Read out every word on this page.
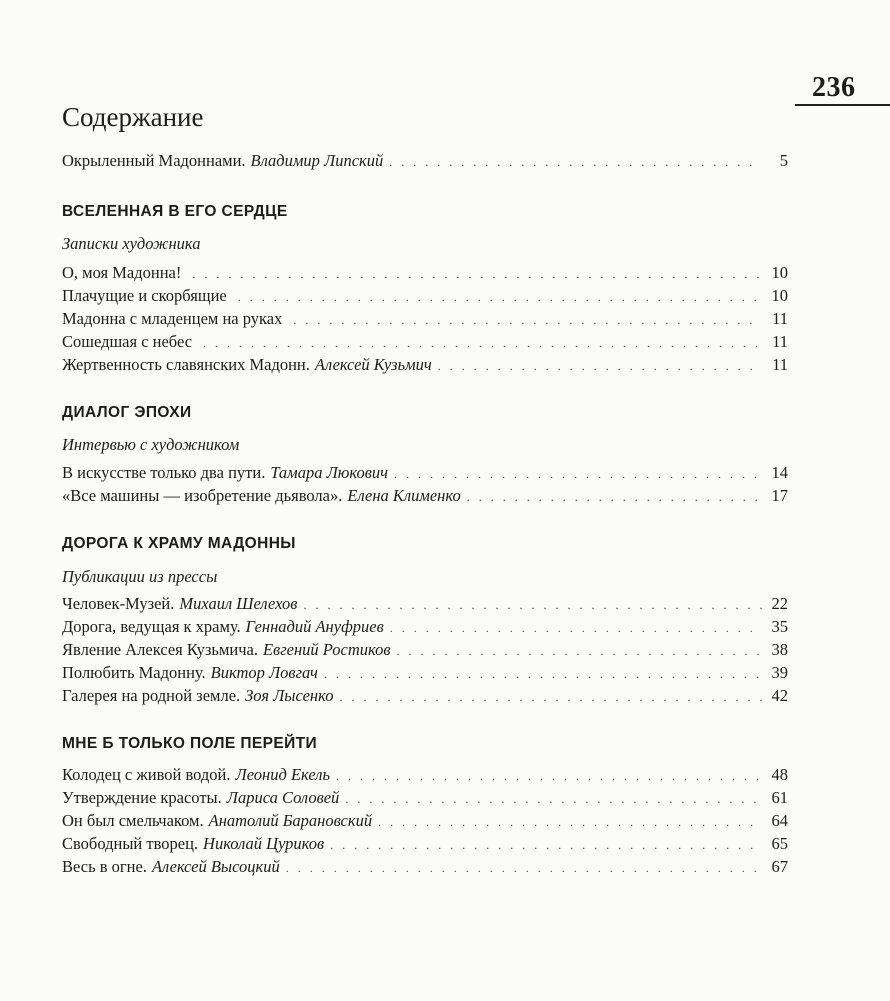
236
Содержание
Окрыленный Мадоннами. Владимир Липский . . .	5
ВСЕЛЕННАЯ В ЕГО СЕРДЦЕ
Записки художника
О, моя Мадонна! . . .	10
Плачущие и скорбящие . . .	10
Мадонна с младенцем на руках . . .	11
Сошедшая с небес . . .	11
Жертвенность славянских Мадонн. Алексей Кузьмич . . .	11
ДИАЛОГ ЭПОХИ
Интервью с художником
В искусстве только два пути. Тамара Люкович . . .	14
«Все машины — изобретение дьявола». Елена Клименко . . .	17
ДОРОГА К ХРАМУ МАДОННЫ
Публикации из прессы
Человек-Музей. Михаил Шелехов . . .	22
Дорога, ведущая к храму. Геннадий Ануфриев . . .	35
Явление Алексея Кузьмича. Евгений Ростиков . . .	38
Полюбить Мадонну. Виктор Ловгач . . .	39
Галерея на родной земле. Зоя Лысенко . . .	42
МНЕ Б ТОЛЬКО ПОЛЕ ПЕРЕЙТИ
Колодец с живой водой. Леонид Екель . . .	48
Утверждение красоты. Лариса Соловей . . .	61
Он был смельчаком. Анатолий Барановский . . .	64
Свободный творец. Николай Цуриков . . .	65
Весь в огне. Алексей Высоцкий . . .	67
